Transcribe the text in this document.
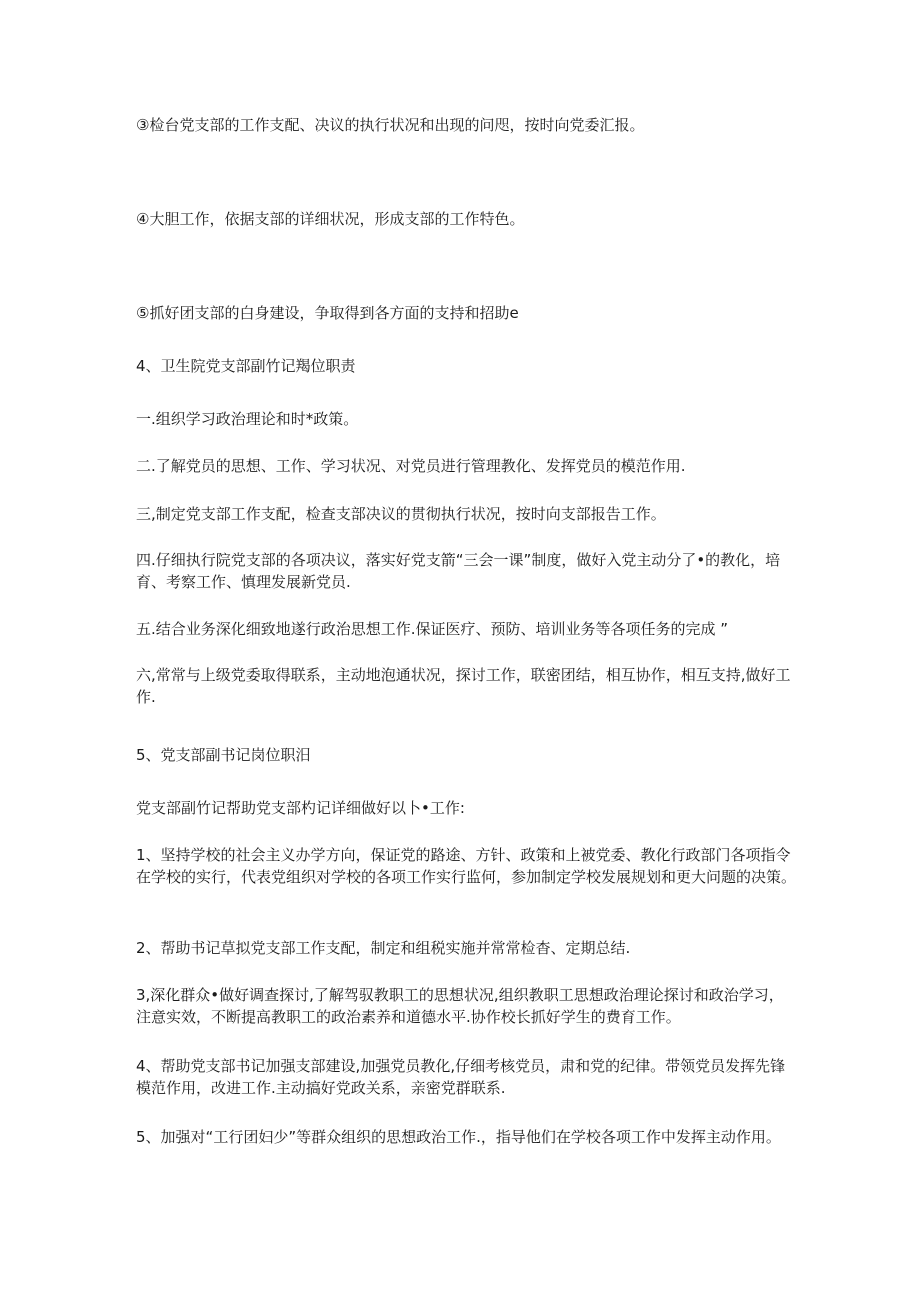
③检台党支部的工作支配、决议的执行状况和出现的问咫，按时向党委汇报。

④大胆工作，依据支部的详细状况，形成支部的工作特色。

⑤抓好团支部的白身建设，争取得到各方面的支持和招助e

4、卫生院党支部副竹记羯位职责

一.组织学习政治理论和时*政策。

二.了解党员的思想、工作、学习状况、对党员进行管理教化、发挥党员的模范作用.

三,制定党支部工作支配，检查支部决议的贯彻执行状况，按时向支部报告工作。

四.仔细执行院党支部的各项决议，落实好党支箭“三会一课”制度，做好入党主动分了•的教化，培育、考察工作、慎理发展新党员.

五.结合业务深化细致地遂行政治思想工作.保证医疗、预防、培训业务等各项任务的完成 ”

六,常常与上级党委取得联系，主动地泡通状况，探讨工作，联密团结，相互协作，相互支持,做好工作.

5、党支部副书记岗位职汨

党支部副竹记帮助党支部杓记详细做好以卜•工作:

1、坚持学校的社会主义办学方向，保证党的路途、方针、政策和上被党委、教化行政部门各项指令在学校的实行，代表党组织对学校的各项工作实行监何，参加制定学校发展规划和更大问题的决策。

2、帮助书记草拟党支部工作支配，制定和组税实施并常常检杳、定期总结.

3,深化群众•做好调查探讨,了解驾驭教职工的思想状况,组织教职工思想政治理论探讨和政治学习，注意实效，不断提高教职工的政治素养和道德水平.协作校长抓好学生的费育工作。

4、帮助党支部书记加强支部建设,加强党员教化,仔细考核党员，肃和党的纪律。带领党员发挥先锋模范作用，改进工作.主动搞好党政关系，亲密党群联系.

5、加强对“工行团妇少”等群众组织的思想政治工作.，指导他们在学校各项工作中发挥主动作用。
